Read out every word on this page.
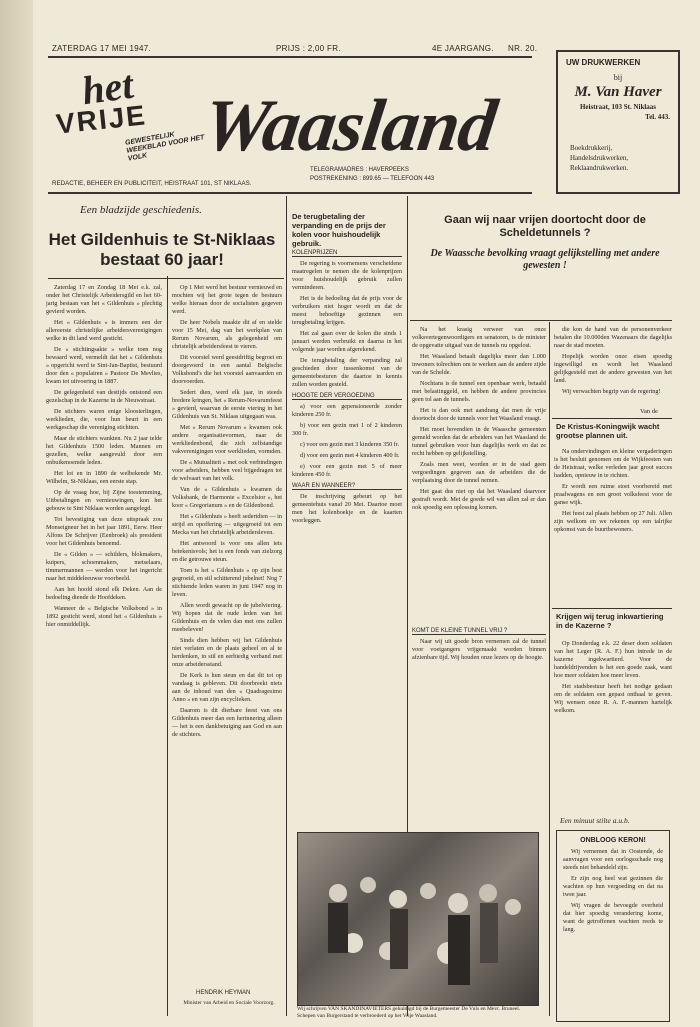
ZATERDAG 17 MEI 1947.	PRIJS : 2,00 FR.	4E JAARGANG. NR. 20.
het
VRIJE
GEWESTELIJK WEEKBLAD VOOR HET VOLK Waasland
TELEGRAMADRES : HAVERPEEKS
POSTREKENING : 899.65 — TELEFOON 443
REDACTIE, BEHEER EN PUBLICITEIT, HEISTRAAT 101, ST NIKLAAS.
UW DRUKWERKEN
bij
M. Van Haver
Heistraat, 103 St. Niklaas
Tel. 443.
Boekdrukkerij,
Handelsdrukwerken,
Reklaandrukwerken.
Een bladzijde geschiedenis.
Het Gildenhuis te St-Niklaas bestaat 60 jaar!

Zaterdag 17 en Zondag 18 Mei e.k. zal, onder het Christelijk Arbeidersgild en het 60-jarig bestaan van het « Gildenhuis » plechtig gevierd worden.

Het « Gildenhuis » is immers een der allereerste christelijke arbeidersverenigingen welke in dit land werd gesticht.

De « stichtingsakte » welke toen nog bewaard werd, vermeldt dat het « Gildenhuis » opgericht werd te Sint-Jan-Baptist, bestuurd door den « populairen » Pastoor De Mevlies, kwam tot uitvoering in 1887.

De gelegenheid van destijds ontstond een gezelschap in de Kazerne in de Nieuwstraat.

De stichters waren enige kloosterlingen, werklieden, die, voor hun beurt in een werkgeschap die vereniging stichtten.

Maar de stichters wankten. Nu 2 jaar telde het Gildenhuis 1500 leden. Mannen en gezellen, welke aangevuld door een onbuikenoemde leden.

Het lot en in 1890 de welbekende Mr. Wilhelm, St-Niklaas, een eerste stap.

Op de vraag hoe, bij Zijne toestemming, Uitbetalingen en vernieuwingen, kon het gebouw te Sint Niklaas worden aangelegd.

Tot bevestiging van deze uitspraak zou Monseigneur het in het jaar 1891, Eerw. Heer Alfons De Schrijver (Eenbroek) als president voor het Gildenhuis benoemd.

De « Gilden » — schilders, blokmakers, kuipers, schoenmakers, metselaars, timmermannen — werden voor het ingericht naar het middeleeuwse voorbeeld.

Aan het hoofd stond elk Deken. Aan de bedoeling diende de Hoofdeken.

Wanneer de « Belgische Volksbond » in 1892 gesticht werd, stond het « Gildenhuis » hier onmiddellijk.

Op 1 Mei werd het bestuur vernieuwd en mochten wij het grote tegen de bestuurs welke hieraan door de socialisten gegeven werd.

De heer Nobels maakte dit af en stelde voor 15 Mei, dag van het werkplan van Rerum Novarum, als gelegenheid om christelijk arbeidersfeest te vieren.

Dit voorstel werd geestdriftig begroet en doorgevoerd in een aantal Belgische Volksbond's die het voorstel aanvaarden en doorvoerden.

Sedert dien, werd elk jaar, in steeds bredere kringen, het « Rerum-Novarumfeest » gevierd, waarvan de eerste viering in het Gildenhuis van St. Niklaas uitgegaan was.

Met « Rerum Novarum » kwamen ook andere organisatievormen, naar de werkliedenbond, die zich zelfstandige vakverenigingen voor werklieden, vormden.

De « Mutualiteit » met ook verbindingen voor arbeiders, hebben veel bijgedragen tot de welvaart van het volk.

Van de « Gildenhuis » kwamen de Volksbank, de Harmonie « Excelsior », het koor « Gregorianum » en de Gildenbond.

Het « Gildenhuis » heeft sedertdien — in strijd en opoffering — uitgegroeid tot een Mecka van het christelijk arbeidersleven.

Het antwoord is voor ons allen iets betekenisvols; het is een fonds van zielzorg en die getrouwe steun.

Toen is het « Gildenhuis » op zijn best gegroeid, en stil schitterend jubelnet! Nog 7 stichtende leden waren in juni 1947 nog in leven.

Allen wordt gewacht op de jubelviering. Wij hopen dat de oude leden van het Gildenhuis en de velen dan met ons zullen meebeleven!

Sinds dien hebben wij het Gildenhuis niet verlaten en de plaats geheel en al te herdenken, in stil en eerbiedig verband met onze arbeidersstand.

De Kerk is hun steun en dat dit tot op vandaag is gebleven. Dit doorbreekt niets aan de inhoud van den « Quadragesimo Anno » en van zijn encyclieken.

Daarom is dit dierbare feest van ons Gildenhuis meer dan een herinnering alleen — het is een dankbetuiging aan God en aan de stichters.

HENDRIK HEYMAN
Minister van Arbeid en Sociale Voorzorg.
De terugbetaling der verpanding en de prijs der kolen voor huishoudelijk gebruik.
KOLENPRIJZEN

De regering is voornemens verscheidene maatregelen te nemen die de kolenprijzen voor huishoudelijk gebruik zullen verminderen.

Het is de bedoeling dat de prijs voor de verbruikers niet hoger wordt en dat de meest behoeftige gezinnen een terugbetaling krijgen.

Het zal gaan over de kolen die sinds 1 januari werden verbruikt en daarna in het volgende jaar worden afgerekend.

De terugbetaling der verpanding zal geschieden door tussenkomst van de gemeentebesturen die daartoe in kennis zullen worden gesteld.

HOOGTE DER VERGOEDING

a) voor een gepensioneerde zonder kinderen 250 fr.

b) voor een gezin met 1 of 2 kinderen 300 fr.

c) voor een gezin met 3 kinderen 350 fr.

d) voor een gezin met 4 kinderen 400 fr.

e) voor een gezin met 5 of meer kinderen 450 fr.

WAAR EN WANNEER?

De inschrijving gebeurt op het gemeentehuis vanaf 20 Mei. Daartoe moet men het kolenboekje en de kaarten voorleggen.

KOMT DE KLEINE TUNNEL VRIJ ?

Naar wij uit goede bron vernemen zal de tunnel voor voetgangers vrijgemaakt worden binnen afzienbare tijd. Wij houden onze lezers op de hoogte.

Wij schrijven VAN SKANDINAVIETERS gehuldigd bij de Burgemeester De Vuls en Mevr. Bruneel. Schepen van Burgerstand te verbroederd op het Vrije Waasland.
Gaan wij naar vrijen doortocht door de Scheldetunnels ?
De Waassche bevolking vraagt gelijkstelling met andere gewesten !

Na het krasig verweer van onze volksvertegenwoordigers en senatoren, is de minister de opgevatte uitgaaf van de tunnels nu opgelost.

Het Waasland betaalt dagelijks meer dan 1.000 inwoners tolrechten om te werken aan de andere zijde van de Schelde.

Nochtans is de tunnel een openbaar werk, betaald met belastinggeld, en hebben de andere provincies geen tol aan de tunnels.

Het is dan ook met aandrang dat men de vrije doortocht door de tunnels voor het Waasland vraagt.

Het moet bovendien in de Waassche gemeenten gemeld worden dat de arbeiders van het Waasland de tunnel gebruiken voor hun dagelijks werk en dat ze recht hebben op gelijkstelling.

Zoals men weet, worden er in de stad geen vergoedingen gegeven aan de arbeiders die de verplaatsing door de tunnel nemen.

Het gaat dus niet op dat het Waasland daarvoor gestraft wordt. Met de goede wil van allen zal er dan ook spoedig een oplossing komen.

die kon de hand van de personenverkeer betalen die 10.000den Wazenaars die dagelijks naar de stad moeten.

Hopelijk worden onze eisen spoedig ingewilligd en wordt het Waasland gelijkgesteld met de andere gewesten van het land.

Wij verwachten begrip van de regering!

Van de
De Kristus-Koningwijk wacht grootse plannen uit.

Na ondervindingen en kleine vergaderingen is het besluit genomen om de Wijkfeesten van de Heistraat, welke verleden jaar groot succes hadden, opnieuw in te richten.

Er wordt een ruime stoet voorbereid met praalwagens en een groot volksfeest voor de ganse wijk.

Het feest zal plaats hebben op 27 Juli. Allen zijn welkom en we rekenen op een talrijke opkomst van de buurtbewoners.

Krijgen wij terug inkwartiering in de Kazerne ?

Op Donderdag e.k. 22 deser doen soldaten van het Leger (R. A. F.) hun intrede in de kazerne ingekwartierd. Voor de handeldrijvenden is het een goede zaak, want hoe meer soldaten hoe meer leven.

Het stadsbestuur heeft het nodige gedaan om de soldaten een gepast onthaal te geven. Wij wensen onze R. A. F.-mannen hartelijk welkom.

Een minuut stilte a.u.b.
ONBLOOG KERON!

Wij vernemen dat in Oostende, de aanvragen voor een oorlogsschade nog steeds niet behandeld zijn.

Er zijn nog heel wat gezinnen die wachten op hun vergoeding en dat na twee jaar.

Wij vragen de bevoegde overheid dat hier spoedig verandering kome, want de getroffenen wachten reeds te lang.
